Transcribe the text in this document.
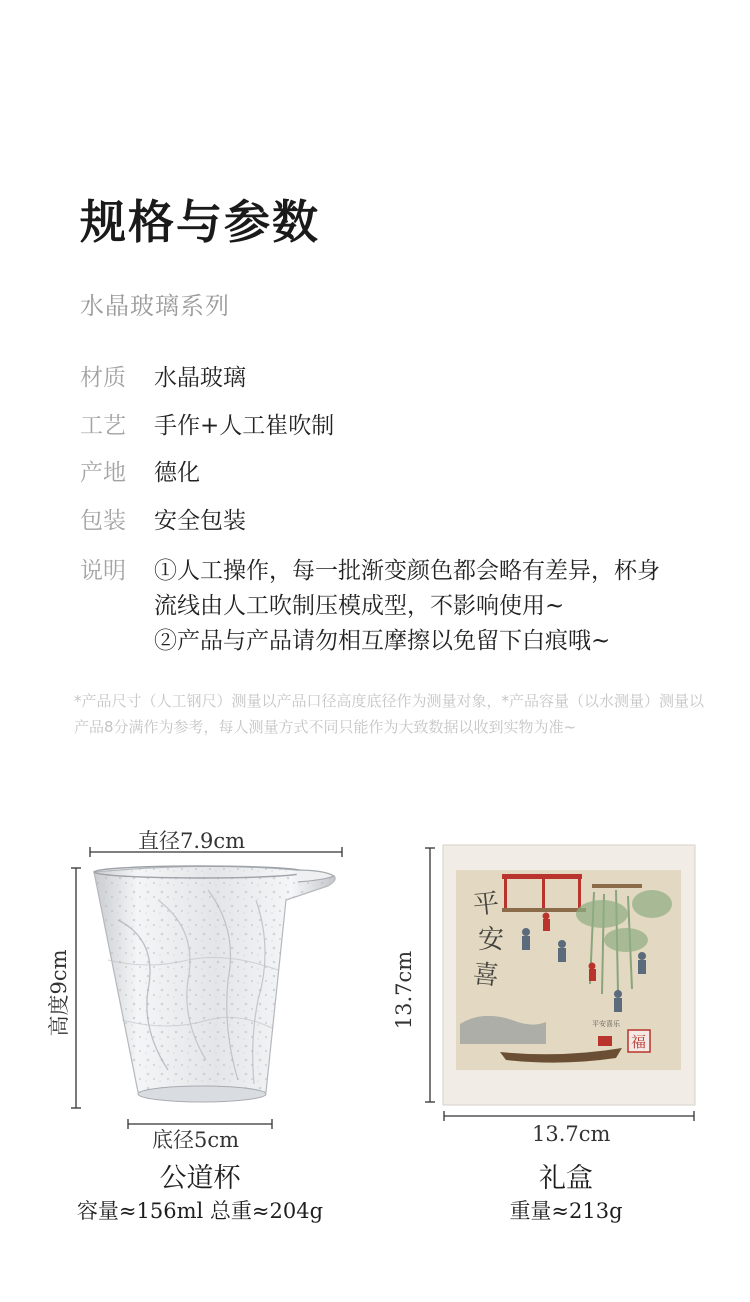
规格与参数
水晶玻璃系列
材质	水晶玻璃
工艺	手作+人工崔吹制
产地	德化
包装	安全包装
说明	①人工操作，每一批渐变颜色都会略有差异，杯身
流线由人工吹制压模成型，不影响使用~
②产品与产品请勿相互摩擦以免留下白痕哦~
*产品尺寸（人工钢尺）测量以产品口径高度底径作为测量对象，*产品容量（以水测量）测量以产品8分满作为参考，每人测量方式不同只能作为大致数据以收到实物为准~
直径7.9cm
高度9cm
底径5cm
公道杯
容量≈156ml 总重≈204g
13.7cm
平
安
喜
平安喜乐
福
13.7cm
礼盒
重量≈213g
